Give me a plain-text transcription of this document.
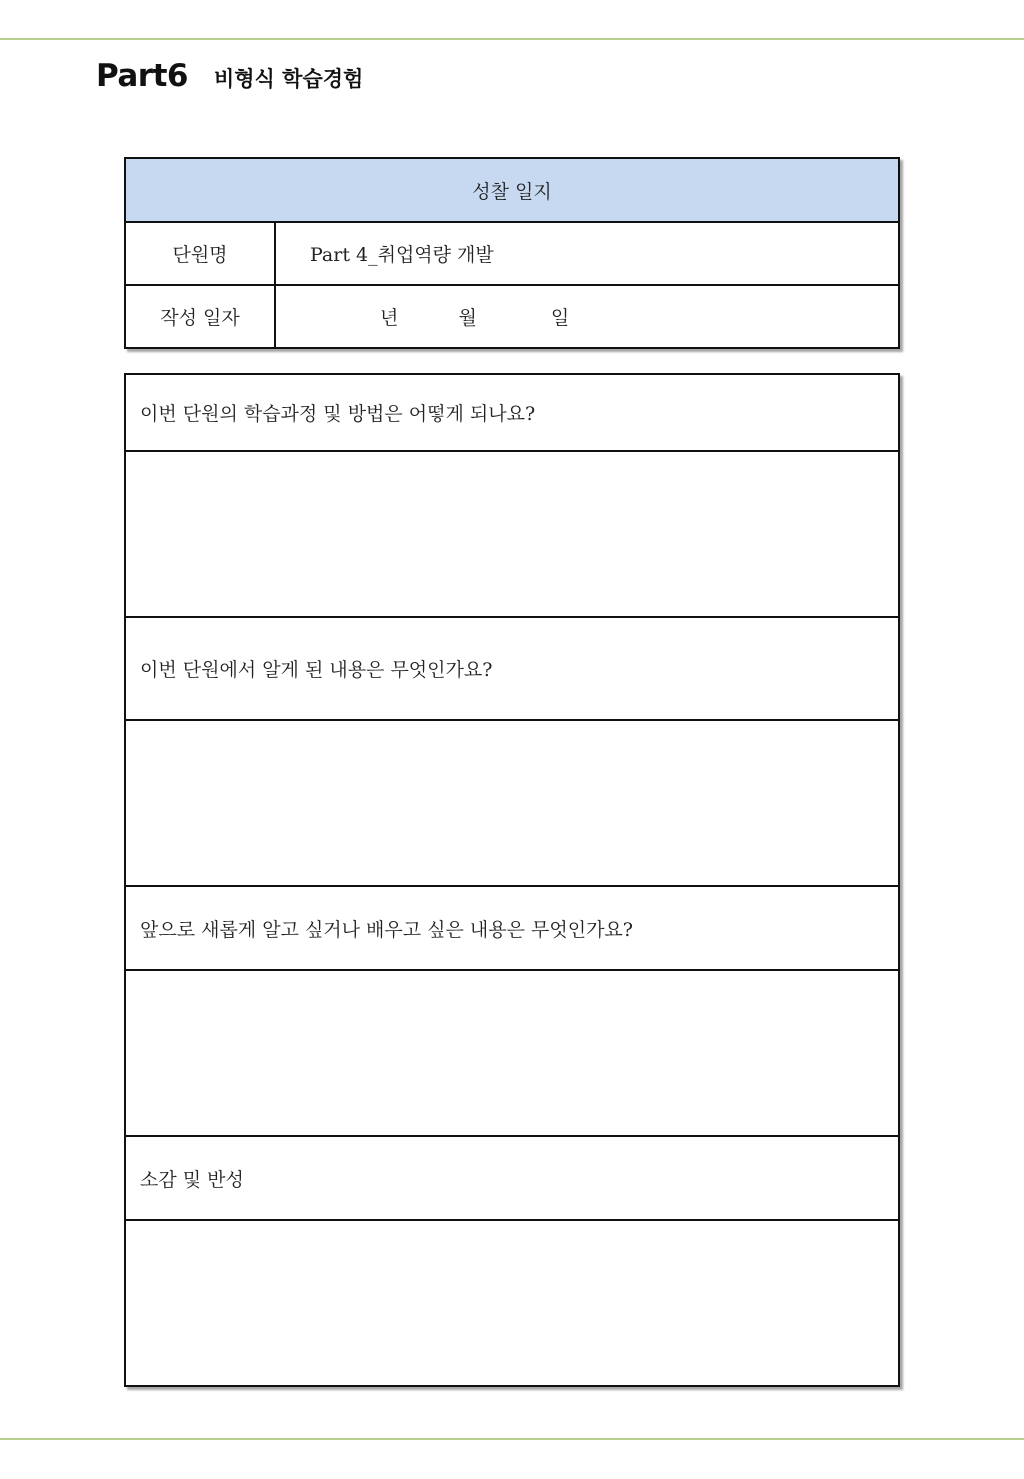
Part6 비형식 학습경험
성찰 일지	
단원명	Part 4_취업역량 개발
작성 일자	년 월 일
이번 단원의 학습과정 및 방법은 어떻게 되나요?

이번 단원에서 알게 된 내용은 무엇인가요?

앞으로 새롭게 알고 싶거나 배우고 싶은 내용은 무엇인가요?

소감 및 반성
